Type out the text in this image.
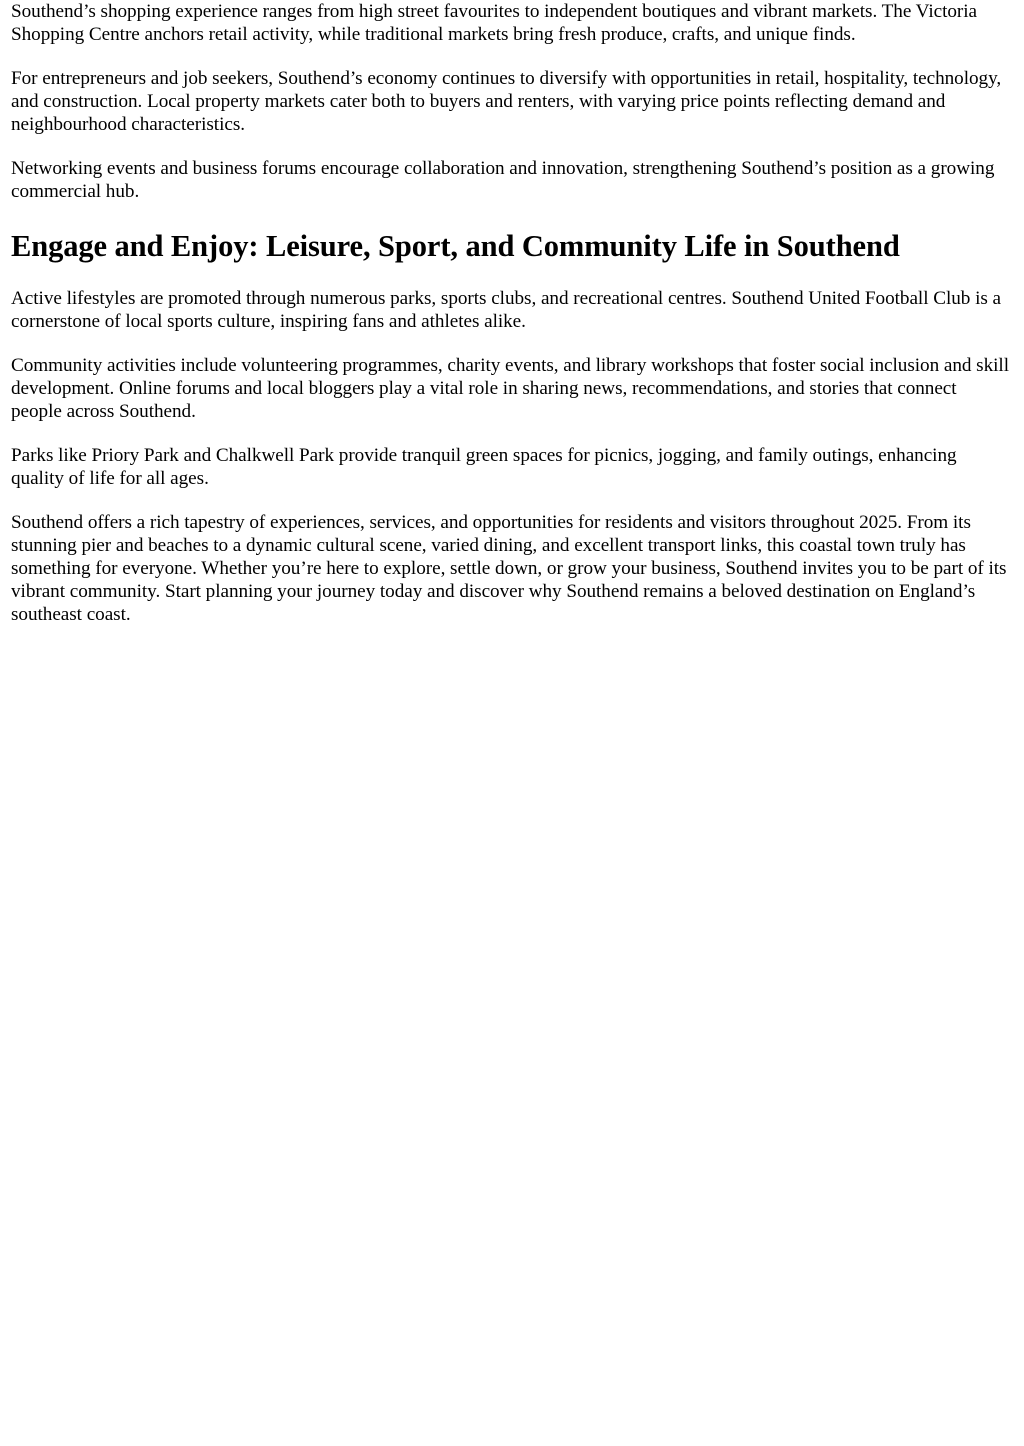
Southend’s shopping experience ranges from high street favourites to independent boutiques and vibrant markets. The Victoria Shopping Centre anchors retail activity, while traditional markets bring fresh produce, crafts, and unique finds.

For entrepreneurs and job seekers, Southend’s economy continues to diversify with opportunities in retail, hospitality, technology, and construction. Local property markets cater both to buyers and renters, with varying price points reflecting demand and neighbourhood characteristics.

Networking events and business forums encourage collaboration and innovation, strengthening Southend’s position as a growing commercial hub.

Engage and Enjoy: Leisure, Sport, and Community Life in Southend

Active lifestyles are promoted through numerous parks, sports clubs, and recreational centres. Southend United Football Club is a cornerstone of local sports culture, inspiring fans and athletes alike.

Community activities include volunteering programmes, charity events, and library workshops that foster social inclusion and skill development. Online forums and local bloggers play a vital role in sharing news, recommendations, and stories that connect people across Southend.

Parks like Priory Park and Chalkwell Park provide tranquil green spaces for picnics, jogging, and family outings, enhancing quality of life for all ages.

Southend offers a rich tapestry of experiences, services, and opportunities for residents and visitors throughout 2025. From its stunning pier and beaches to a dynamic cultural scene, varied dining, and excellent transport links, this coastal town truly has something for everyone. Whether you’re here to explore, settle down, or grow your business, Southend invites you to be part of its vibrant community. Start planning your journey today and discover why Southend remains a beloved destination on England’s southeast coast.
